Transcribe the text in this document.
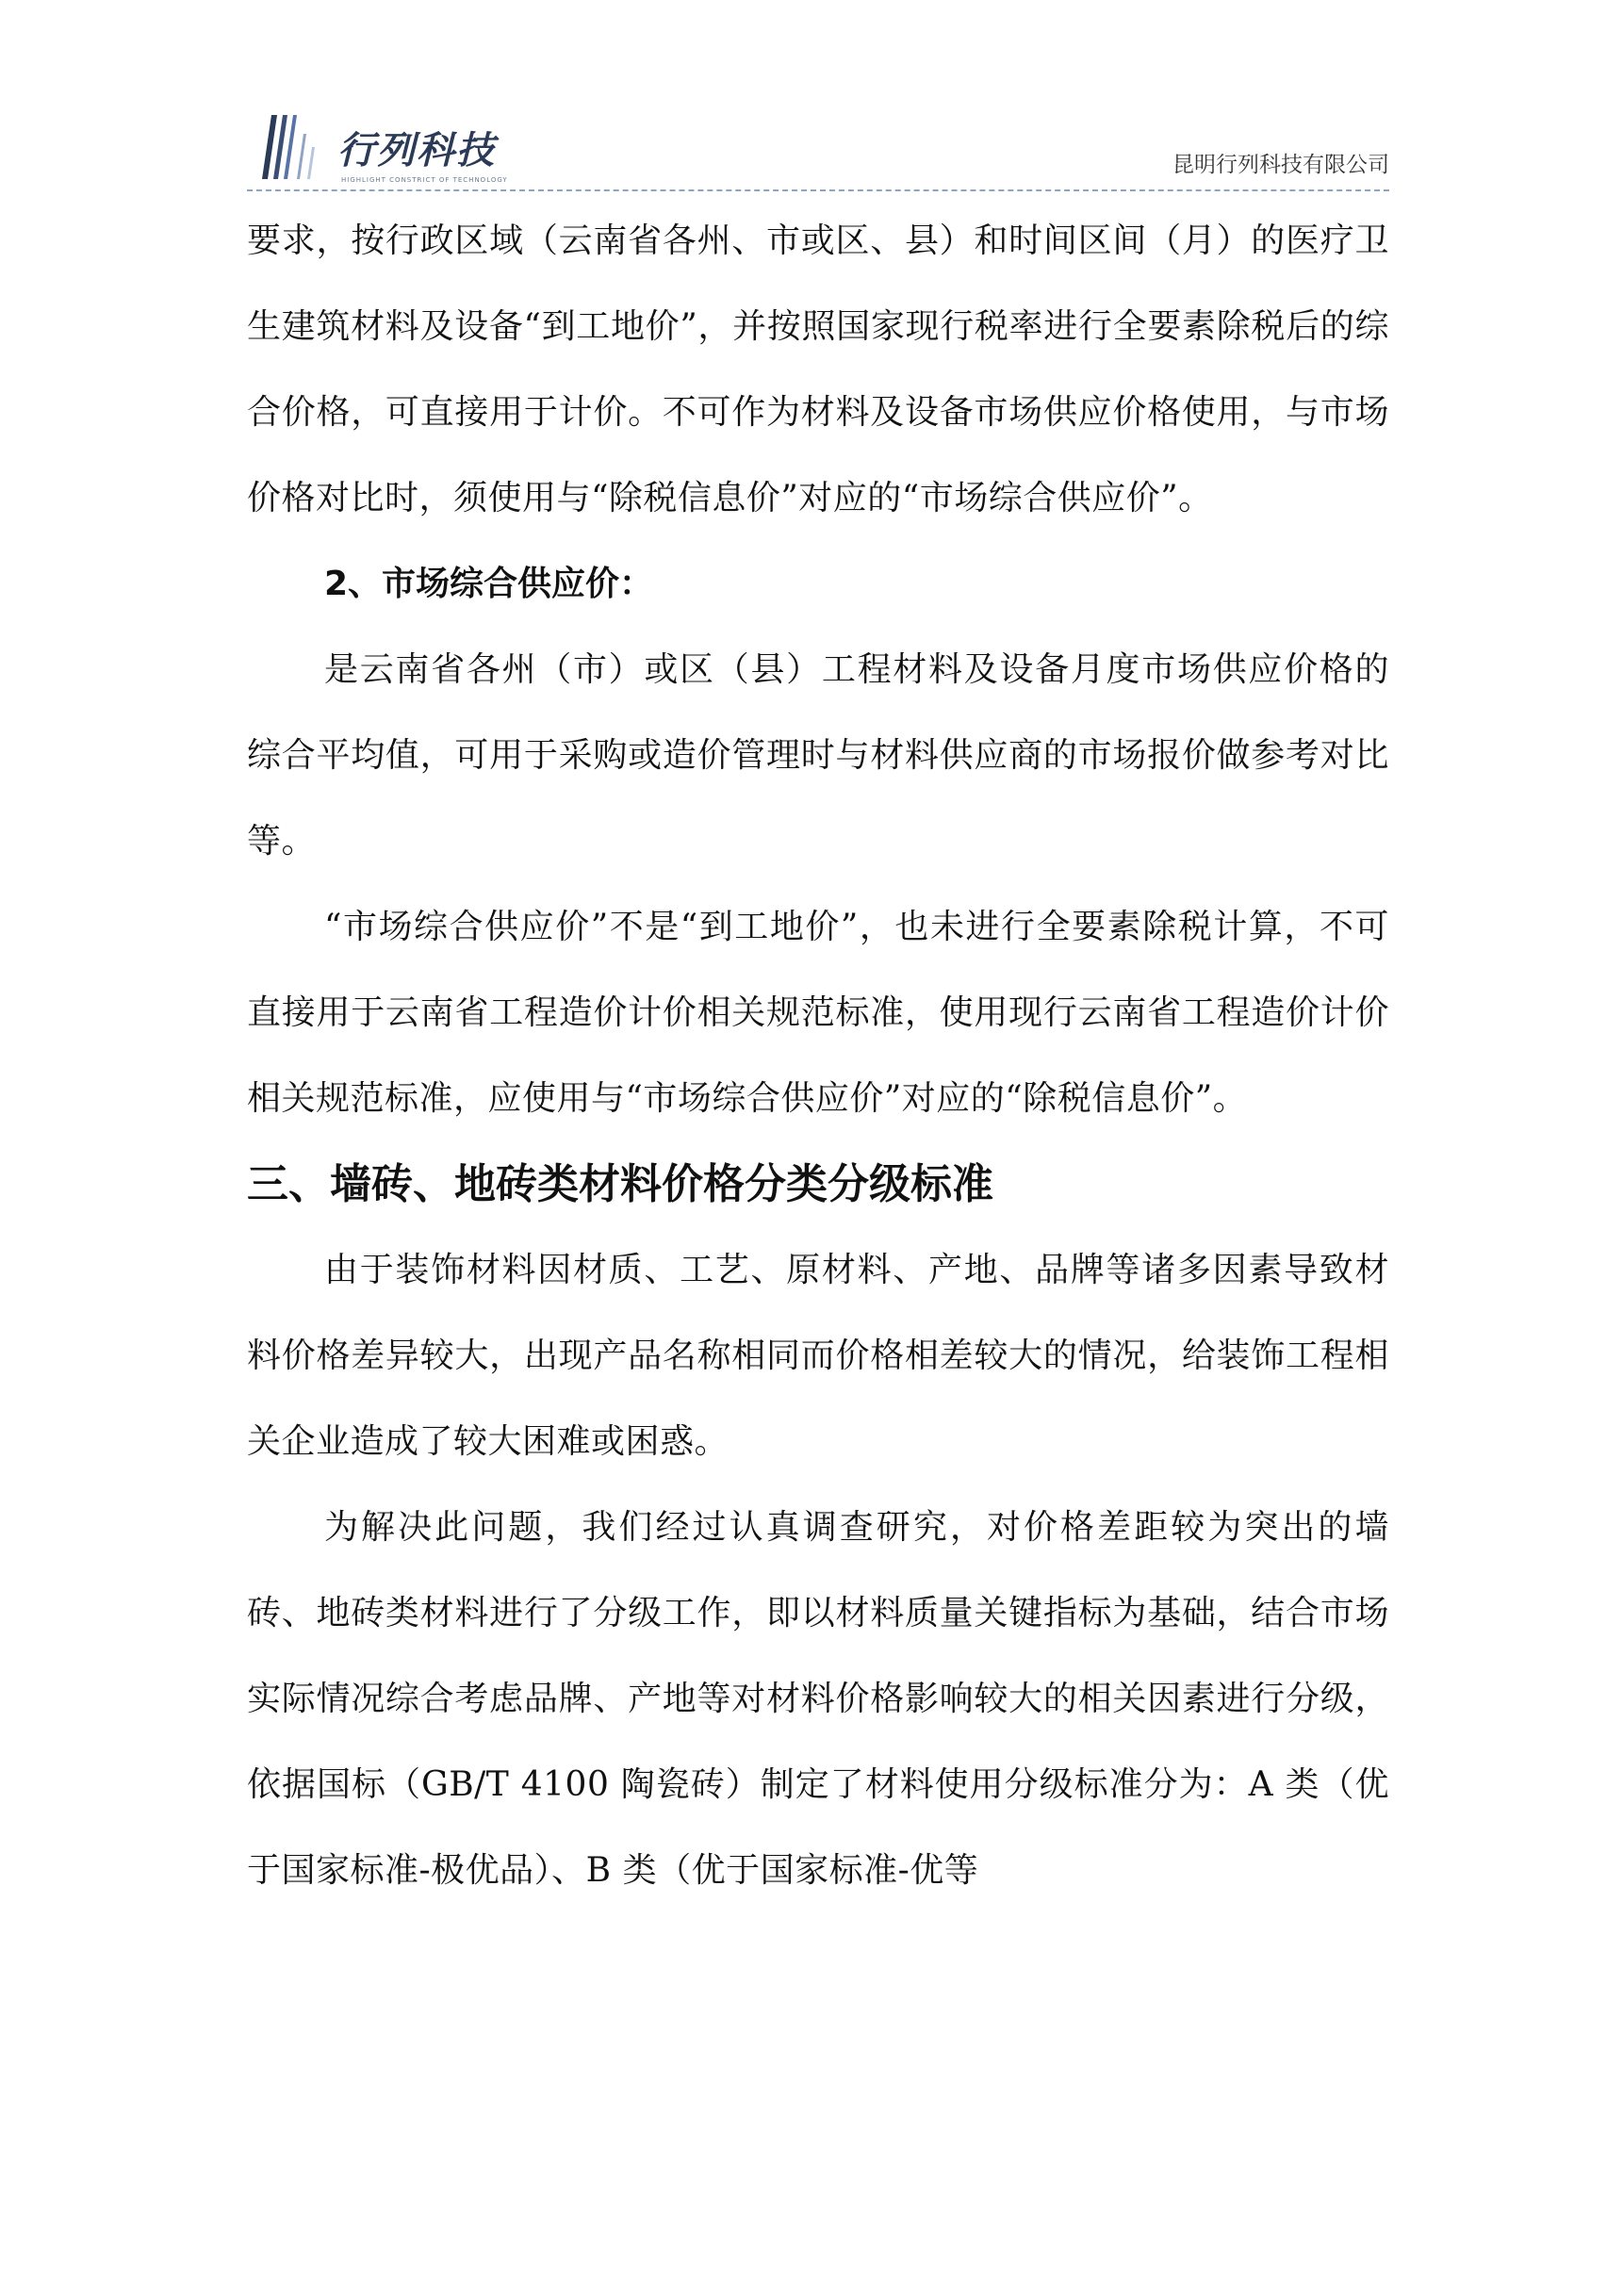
行列科技
HIGHLIGHT CONSTRICT OF TECHNOLOGY
昆明行列科技有限公司

要求，按行政区域（云南省各州、市或区、县）和时间区间（月）的医疗卫生建筑材料及设备“到工地价”，并按照国家现行税率进行全要素除税后的综合价格，可直接用于计价。不可作为材料及设备市场供应价格使用，与市场价格对比时，须使用与“除税信息价”对应的“市场综合供应价”。

2、市场综合供应价：

是云南省各州（市）或区（县）工程材料及设备月度市场供应价格的综合平均值，可用于采购或造价管理时与材料供应商的市场报价做参考对比等。

“市场综合供应价”不是“到工地价”，也未进行全要素除税计算，不可直接用于云南省工程造价计价相关规范标准，使用现行云南省工程造价计价相关规范标准，应使用与“市场综合供应价”对应的“除税信息价”。

三、墙砖、地砖类材料价格分类分级标准

由于装饰材料因材质、工艺、原材料、产地、品牌等诸多因素导致材料价格差异较大，出现产品名称相同而价格相差较大的情况，给装饰工程相关企业造成了较大困难或困惑。

为解决此问题，我们经过认真调查研究，对价格差距较为突出的墙砖、地砖类材料进行了分级工作，即以材料质量关键指标为基础，结合市场实际情况综合考虑品牌、产地等对材料价格影响较大的相关因素进行分级，依据国标（GB/T 4100 陶瓷砖）制定了材料使用分级标准分为：A 类（优于国家标准-极优品）、B 类（优于国家标准-优等
